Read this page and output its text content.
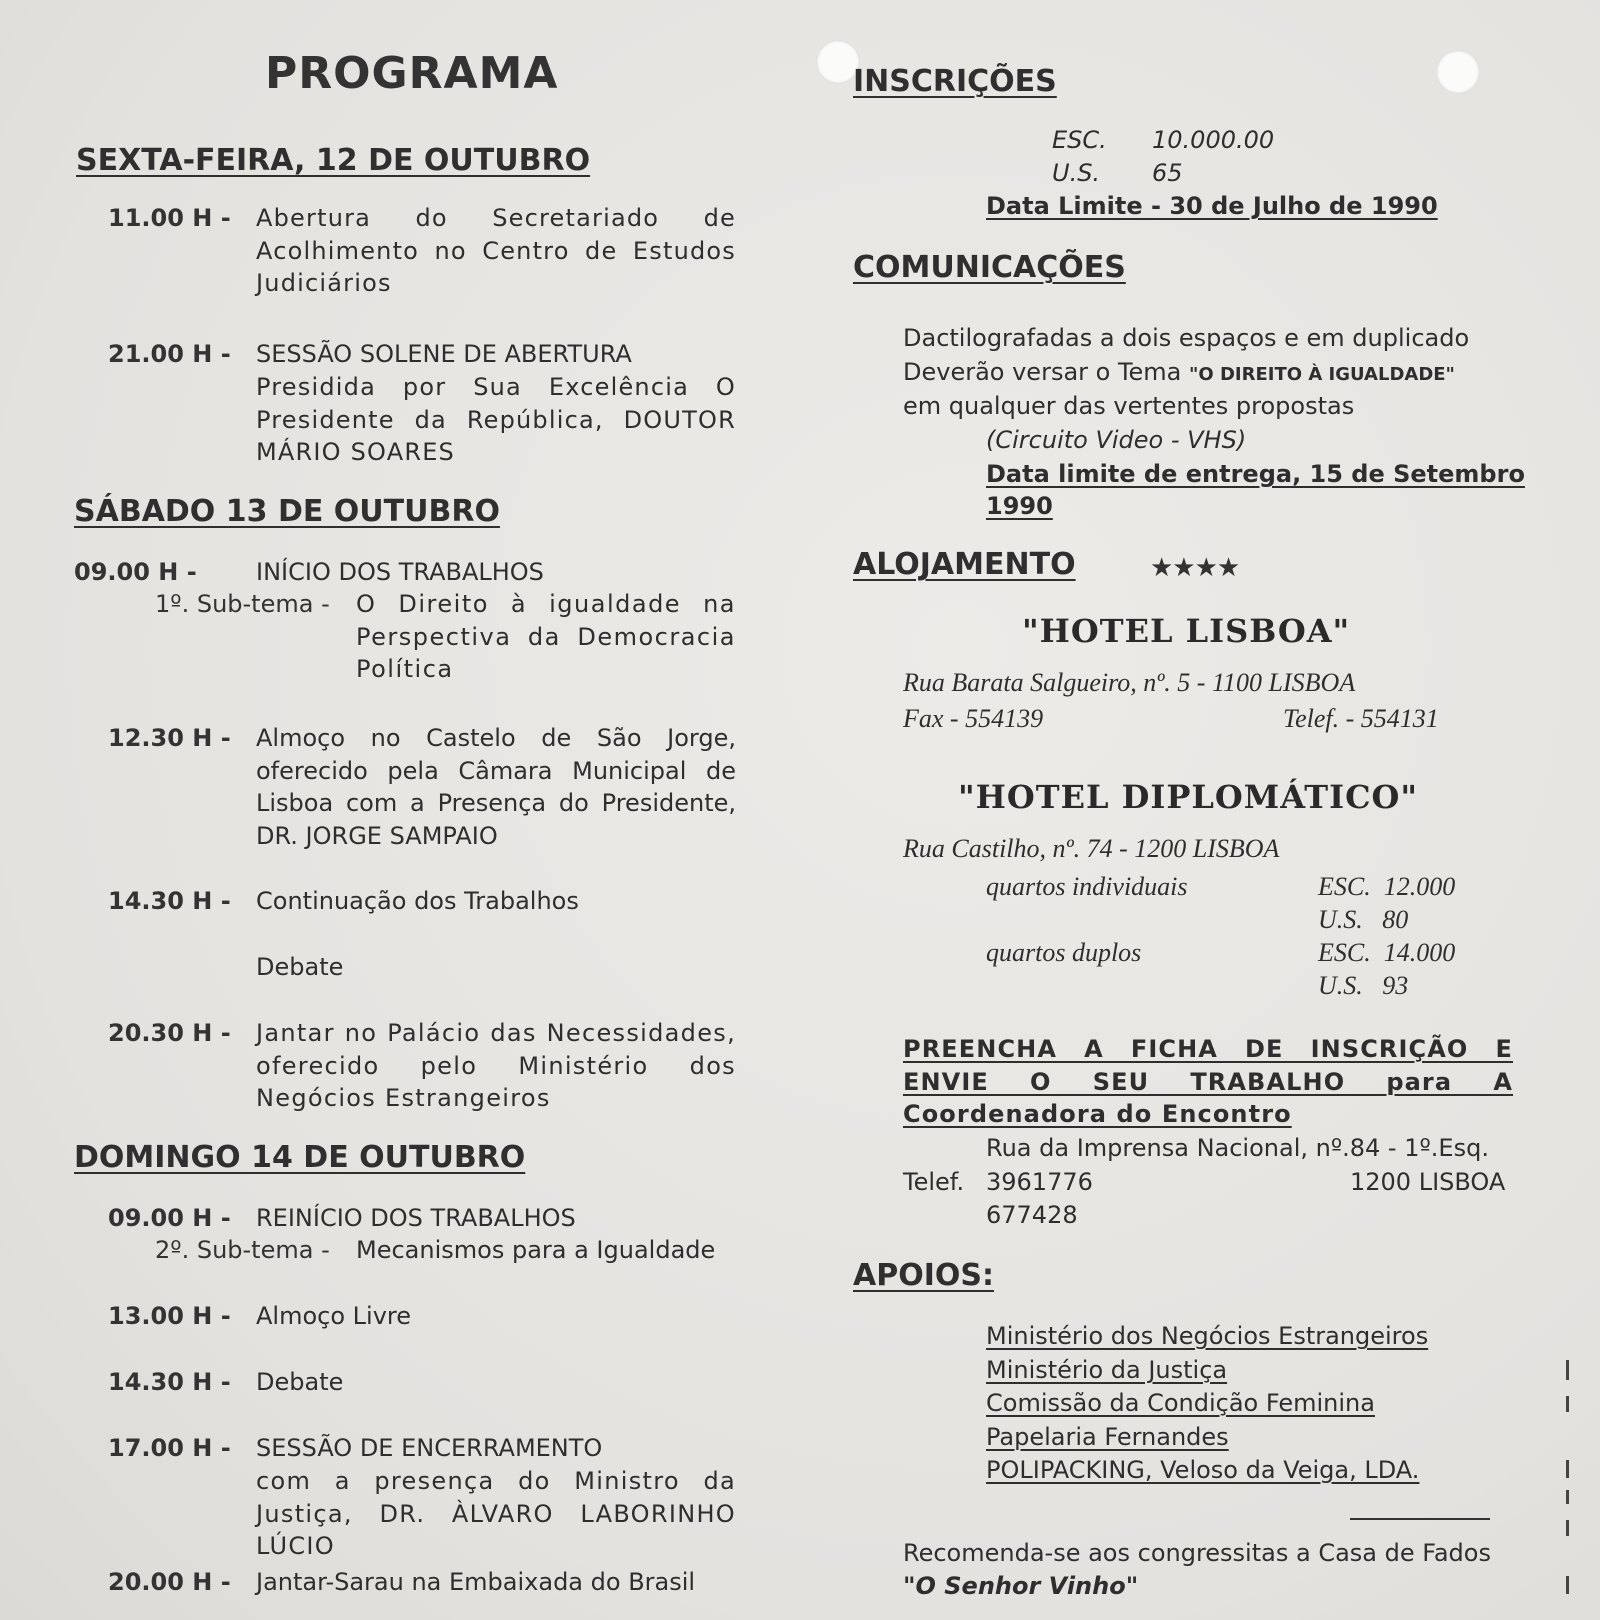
PROGRAMA
SEXTA-FEIRA, 12 DE OUTUBRO
11.00 H - Abertura do Secretariado de Acolhimento no Centro de Estudos Judiciários
21.00 H - SESSÃO SOLENE DE ABERTURA
Presidida por Sua Excelência O Presidente da República, DOUTOR MÁRIO SOARES
SÁBADO 13 DE OUTUBRO
09.00 H - INÍCIO DOS TRABALHOS
1º. Sub-tema - O Direito à igualdade na Perspectiva da Democracia Política
12.30 H - Almoço no Castelo de São Jorge, oferecido pela Câmara Municipal de Lisboa com a Presença do Presidente, DR. JORGE SAMPAIO
14.30 H - Continuação dos Trabalhos
Debate
20.30 H - Jantar no Palácio das Necessidades, oferecido pelo Ministério dos Negócios Estrangeiros
DOMINGO 14 DE OUTUBRO
09.00 H - REINÍCIO DOS TRABALHOS
2º. Sub-tema - Mecanismos para a Igualdade
13.00 H - Almoço Livre
14.30 H - Debate
17.00 H - SESSÃO DE ENCERRAMENTO
com a presença do Ministro da Justiça, DR. ÀLVARO LABORINHO LÚCIO
20.00 H - Jantar-Sarau na Embaixada do Brasil
INSCRIÇÕES
ESC. 10.000.00
U.S. 65
Data Limite - 30 de Julho de 1990
COMUNICAÇÕES
Dactilografadas a dois espaços e em duplicado
Deverão versar o Tema "O DIREITO À IGUALDADE"
em qualquer das vertentes propostas
(Circuito Video - VHS)
Data limite de entrega, 15 de Setembro
1990
ALOJAMENTO	★★★★
"HOTEL LISBOA"
Rua Barata Salgueiro, nº. 5 - 1100 LISBOA
Fax - 554139	Telef. - 554131
"HOTEL DIPLOMÁTICO"
Rua Castilho, nº. 74 - 1200 LISBOA
quartos individuais	ESC.  12.000
U.S.   80
quartos duplos	ESC.  14.000
U.S.   93
PREENCHA A FICHA DE INSCRIÇÃO E ENVIE O SEU TRABALHO para A Coordenadora do Encontro
Rua da Imprensa Nacional, nº.84 - 1º.Esq.
Telef. 3961776	1200 LISBOA
677428
APOIOS:
Ministério dos Negócios Estrangeiros
Ministério da Justiça
Comissão da Condição Feminina
Papelaria Fernandes
POLIPACKING, Veloso da Veiga, LDA.
Recomenda-se aos congressitas a Casa de Fados
"O Senhor Vinho"
